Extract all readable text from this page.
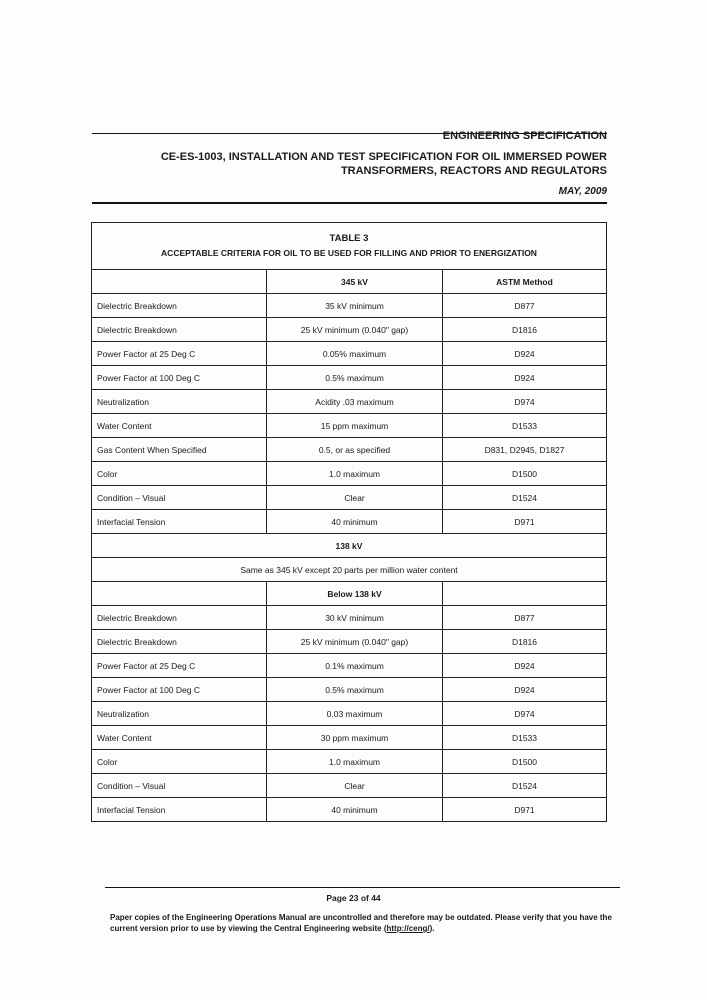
ENGINEERING SPECIFICATION
CE-ES-1003, INSTALLATION AND TEST SPECIFICATION FOR OIL IMMERSED POWER
TRANSFORMERS, REACTORS AND REGULATORS
MAY, 2009
TABLE 3
ACCEPTABLE CRITERIA FOR OIL TO BE USED FOR FILLING AND PRIOR TO ENERGIZATION		

	345 kV	ASTM Method
Dielectric Breakdown	35 kV minimum	D877
Dielectric Breakdown	25 kV minimum (0.040" gap)	D1816
Power Factor at 25 Deg C	0.05% maximum	D924
Power Factor at 100 Deg C	0.5% maximum	D924
Neutralization	Acidity .03 maximum	D974
Water Content	15 ppm maximum	D1533
Gas Content When Specified	0.5, or as specified	D831, D2945, D1827
Color	1.0 maximum	D1500
Condition – Visual	Clear	D1524
Interfacial Tension	40 minimum	D971
138 kV		
Same as 345 kV except 20 parts per million water content		
	Below 138 kV	
Dielectric Breakdown	30 kV minimum	D877
Dielectric Breakdown	25 kV minimum (0.040" gap)	D1816
Power Factor at 25 Deg C	0.1% maximum	D924
Power Factor at 100 Deg C	0.5% maximum	D924
Neutralization	0.03 maximum	D974
Water Content	30 ppm maximum	D1533
Color	1.0 maximum	D1500
Condition – Visual	Clear	D1524
Interfacial Tension	40 minimum	D971
Page 23 of 44
Paper copies of the Engineering Operations Manual are uncontrolled and therefore may be outdated. Please verify that you have the current version prior to use by viewing the Central Engineering website (http://ceng/).
